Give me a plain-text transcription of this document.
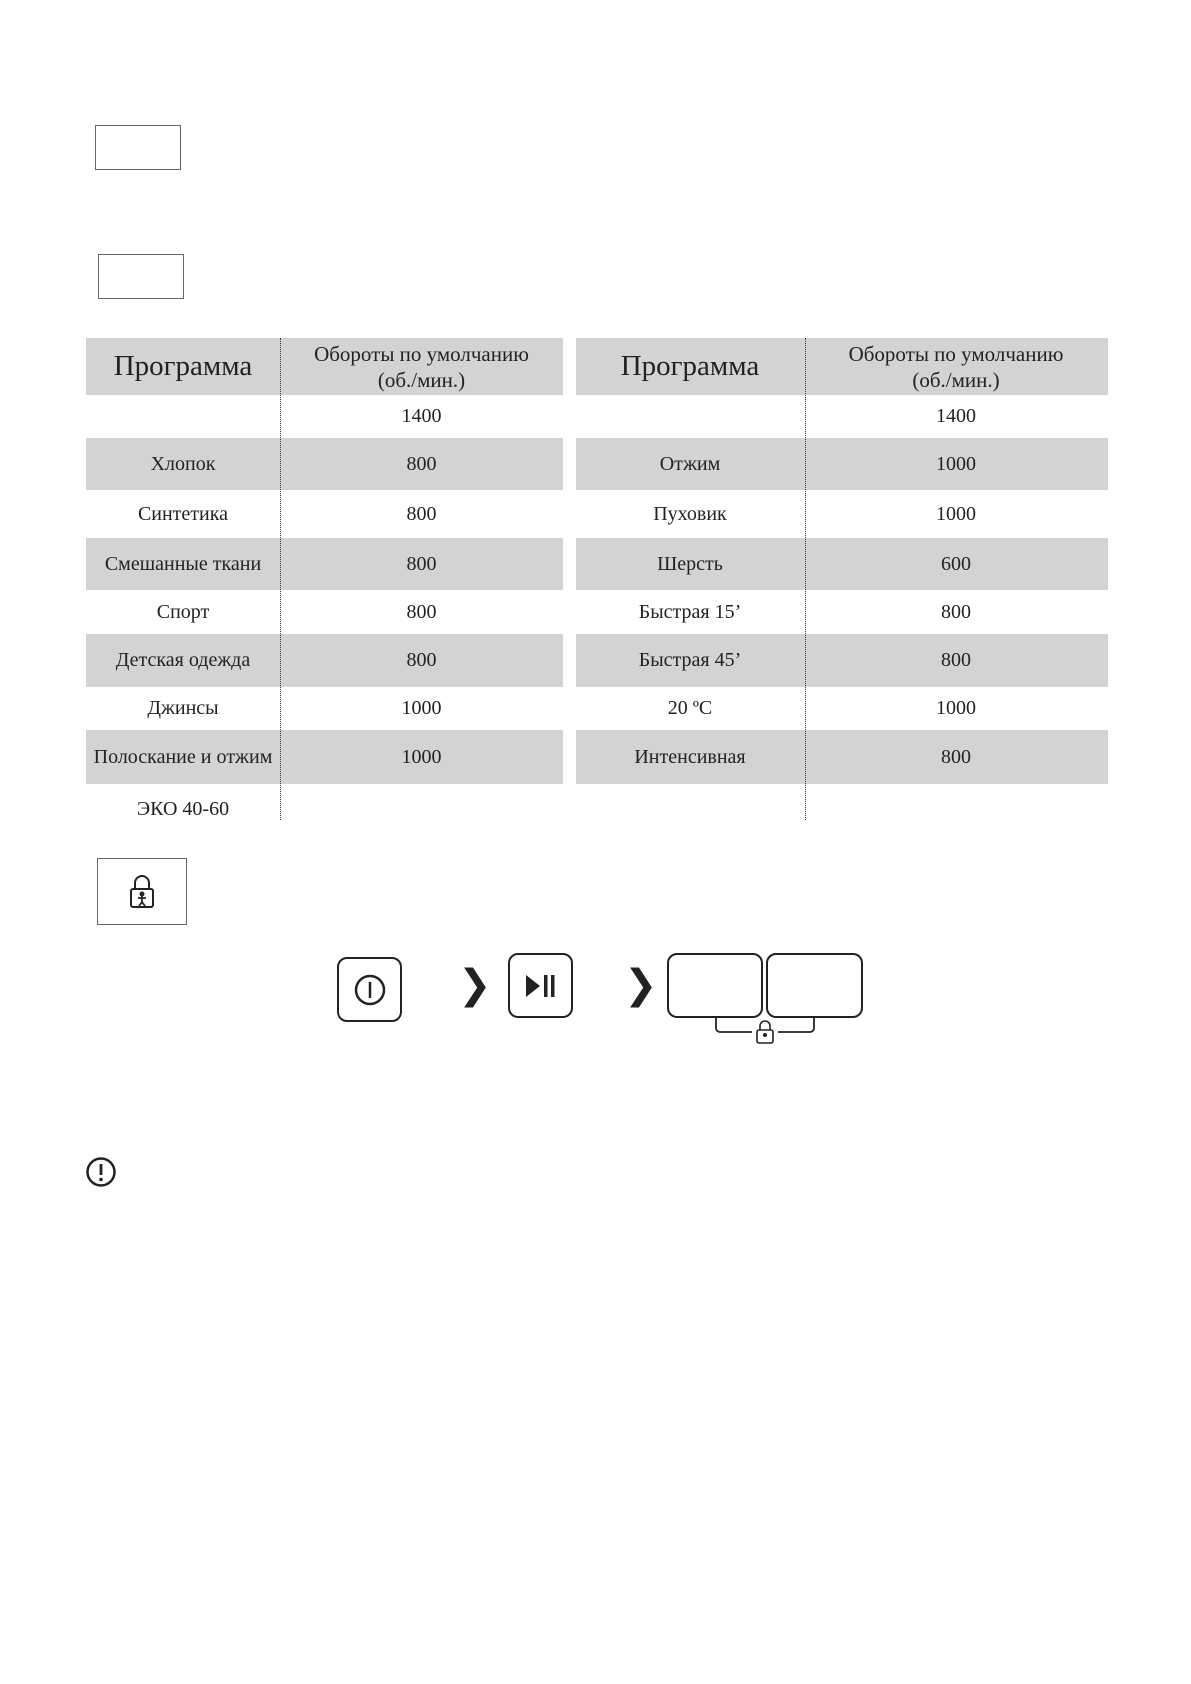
Программа	Обороты по умолчанию
(об./мин.)
1400
Хлопок	800
Синтетика	800
Смешанные ткани	800
Спорт	800
Детская одежда	800
Джинсы	1000
Полоскание и отжим	1000
ЭКО 40-60
Программа	Обороты по умолчанию
(об./мин.)
1400
Отжим	1000
Пуховик	1000
Шерсть	600
Быстрая 15’	800
Быстрая 45’	800
20 ºC	1000
Интенсивная	800
❯	❯
